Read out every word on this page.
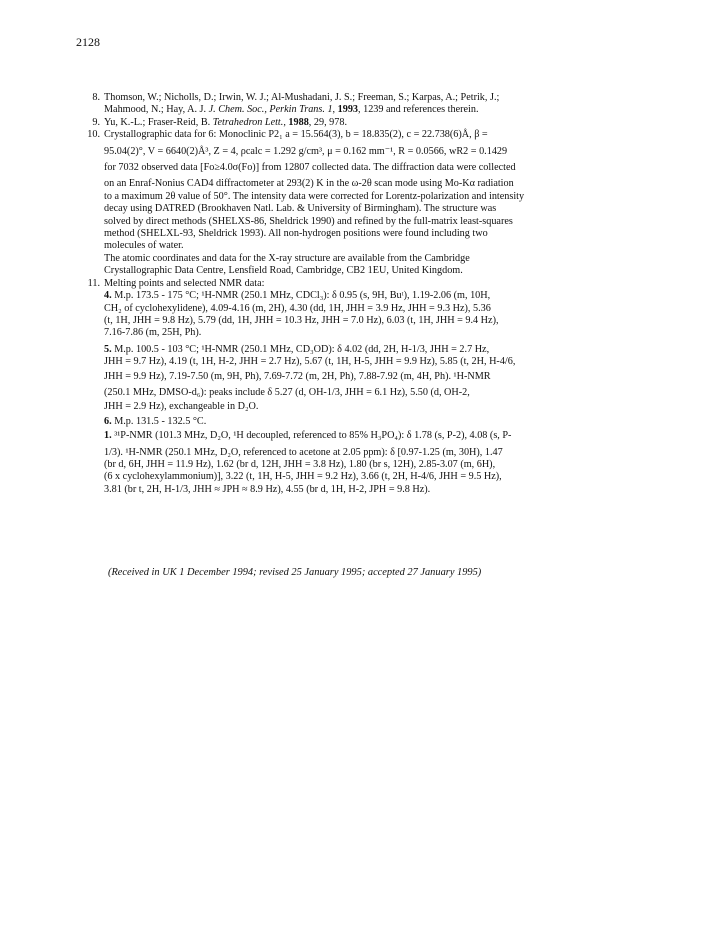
2128
8. Thomson, W.; Nicholls, D.; Irwin, W. J.; Al-Mushadani, J. S.; Freeman, S.; Karpas, A.; Petrik, J.;
Mahmood, N.; Hay, A. J. J. Chem. Soc., Perkin Trans. 1, 1993, 1239 and references therein.
9. Yu, K.-L.; Fraser-Reid, B. Tetrahedron Lett., 1988, 29, 978.
10. Crystallographic data for 6: Monoclinic P2₁ a = 15.564(3), b = 18.835(2), c = 22.738(6)Å, β =
95.04(2)°, V = 6640(2)Å³, Z = 4, ρcalc = 1.292 g/cm³, μ = 0.162 mm⁻¹, R = 0.0566, wR2 = 0.1429
for 7032 observed data [Fo≥4.0σ(Fo)] from 12807 collected data. The diffraction data were collected
on an Enraf-Nonius CAD4 diffractometer at 293(2) K in the ω-2θ scan mode using Mo-Kα radiation
to a maximum 2θ value of 50°. The intensity data were corrected for Lorentz-polarization and intensity
decay using DATRED (Brookhaven Natl. Lab. & University of Birmingham). The structure was
solved by direct methods (SHELXS-86, Sheldrick 1990) and refined by the full-matrix least-squares
method (SHELXL-93, Sheldrick 1993). All non-hydrogen positions were found including two
molecules of water.
The atomic coordinates and data for the X-ray structure are available from the Cambridge
Crystallographic Data Centre, Lensfield Road, Cambridge, CB2 1EU, United Kingdom.
11. Melting points and selected NMR data:
4. M.p. 173.5 - 175 °C; ¹H-NMR (250.1 MHz, CDCl₃): δ 0.95 (s, 9H, Buᵗ), 1.19-2.06 (m, 10H,
CH₂ of cyclohexylidene), 4.09-4.16 (m, 2H), 4.30 (dd, 1H, JHH = 3.9 Hz, JHH = 9.3 Hz), 5.36
(t, 1H, JHH = 9.8 Hz), 5.79 (dd, 1H, JHH = 10.3 Hz, JHH = 7.0 Hz), 6.03 (t, 1H, JHH = 9.4 Hz),
7.16-7.86 (m, 25H, Ph).
5. M.p. 100.5 - 103 °C; ¹H-NMR (250.1 MHz, CD₃OD): δ 4.02 (dd, 2H, H-1/3, JHH = 2.7 Hz,
JHH = 9.7 Hz), 4.19 (t, 1H, H-2, JHH = 2.7 Hz), 5.67 (t, 1H, H-5, JHH = 9.9 Hz), 5.85 (t, 2H, H-4/6,
JHH = 9.9 Hz), 7.19-7.50 (m, 9H, Ph), 7.69-7.72 (m, 2H, Ph), 7.88-7.92 (m, 4H, Ph). ¹H-NMR
(250.1 MHz, DMSO-d₆): peaks include δ 5.27 (d, OH-1/3, JHH = 6.1 Hz), 5.50 (d, OH-2,
JHH = 2.9 Hz), exchangeable in D₂O.
6. M.p. 131.5 - 132.5 °C.
1. ³¹P-NMR (101.3 MHz, D₂O, ¹H decoupled, referenced to 85% H₃PO₄): δ 1.78 (s, P-2), 4.08 (s, P-
1/3). ¹H-NMR (250.1 MHz, D₂O, referenced to acetone at 2.05 ppm): δ [0.97-1.25 (m, 30H), 1.47
(br d, 6H, JHH = 11.9 Hz), 1.62 (br d, 12H, JHH = 3.8 Hz), 1.80 (br s, 12H), 2.85-3.07 (m, 6H),
(6 x cyclohexylammonium)], 3.22 (t, 1H, H-5, JHH = 9.2 Hz), 3.66 (t, 2H, H-4/6, JHH = 9.5 Hz),
3.81 (br t, 2H, H-1/3, JHH ≈ JPH ≈ 8.9 Hz), 4.55 (br d, 1H, H-2, JPH = 9.8 Hz).
(Received in UK 1 December 1994; revised 25 January 1995; accepted 27 January 1995)
